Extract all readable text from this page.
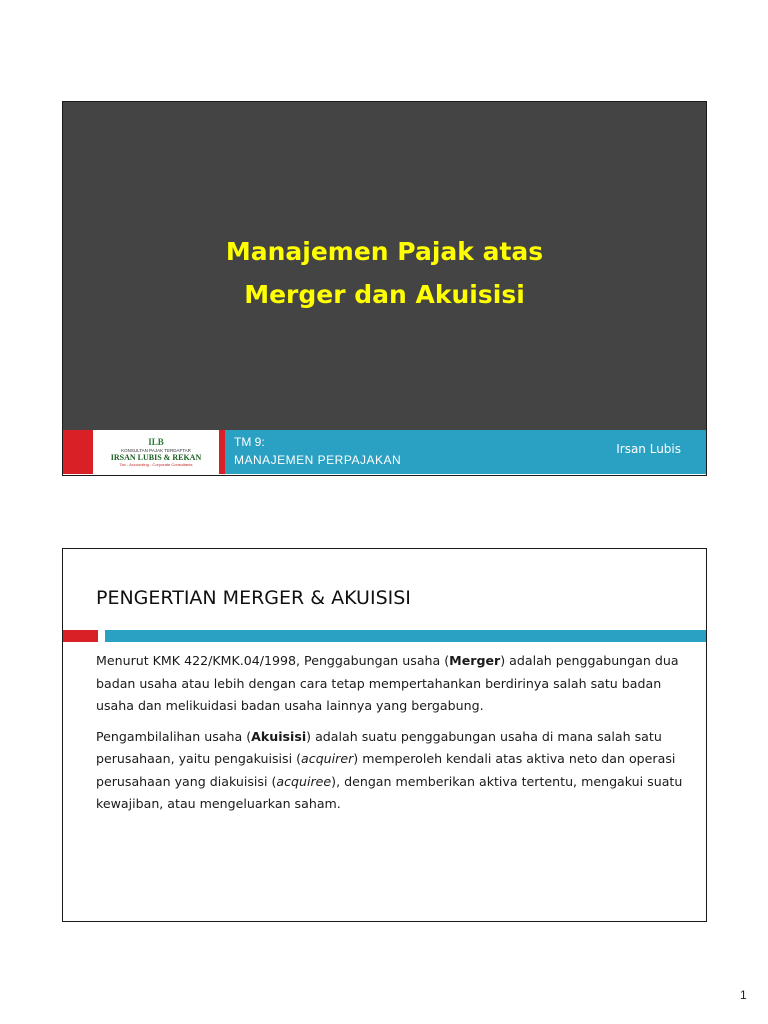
Manajemen Pajak atas
Merger dan Akuisisi
ILB
KONSULTAN PAJAK TERDAFTAR
IRSAN LUBIS & REKAN
Tax - Accounting - Corporate Consultants

TM 9:

MANAJEMEN PERPAJAKAN

Irsan Lubis

PENGERTIAN MERGER & AKUISISI

Menurut KMK 422/KMK.04/1998, Penggabungan usaha (Merger) adalah penggabungan dua badan usaha atau lebih dengan cara tetap mempertahankan berdirinya salah satu badan usaha dan melikuidasi badan usaha lainnya yang bergabung.

Pengambilalihan usaha (Akuisisi) adalah suatu penggabungan usaha di mana salah satu perusahaan, yaitu pengakuisisi (acquirer) memperoleh kendali atas aktiva neto dan operasi perusahaan yang diakuisisi (acquiree), dengan memberikan aktiva tertentu, mengakui suatu kewajiban, atau mengeluarkan saham.

1
